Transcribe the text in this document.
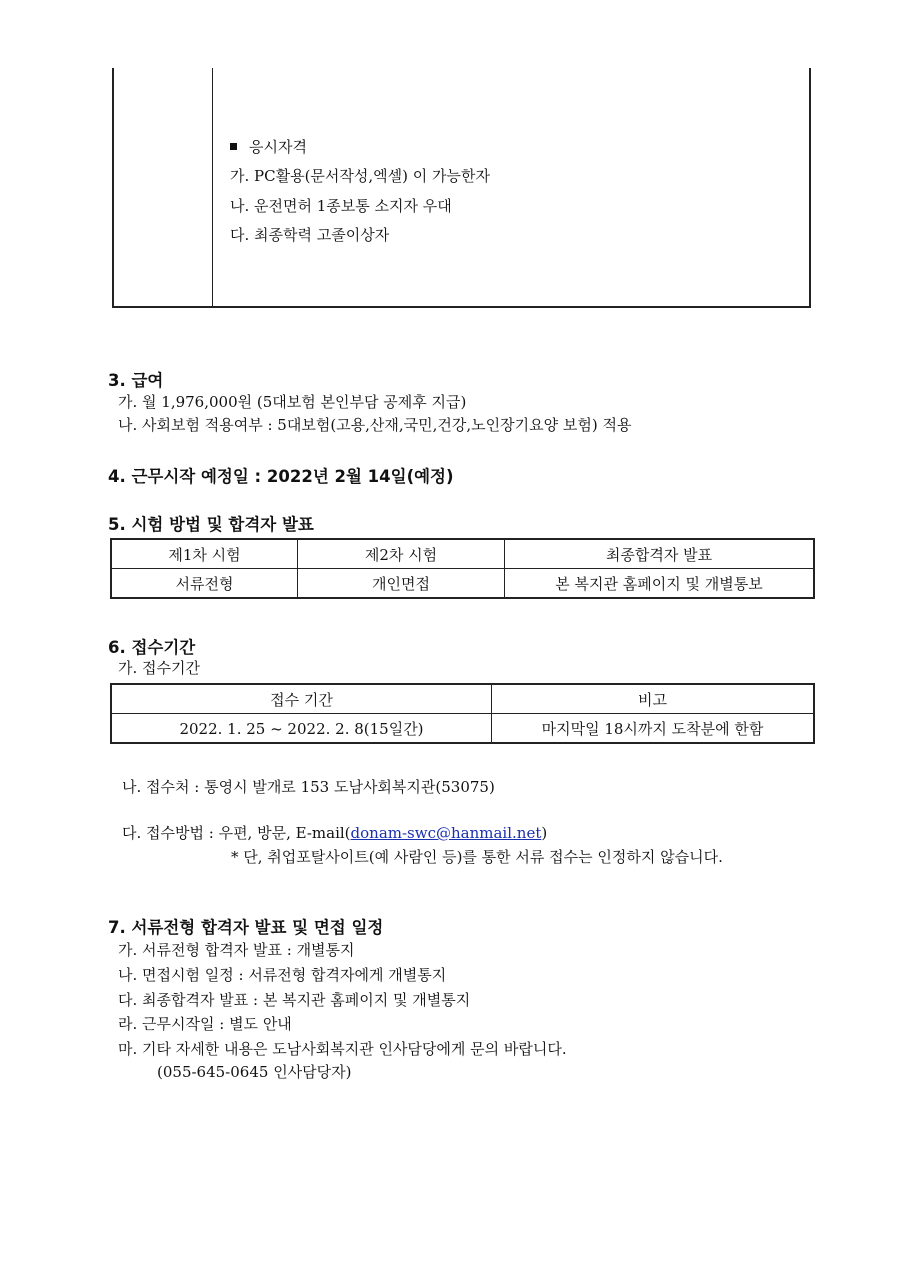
응시자격
가. PC활용(문서작성,엑셀) 이 가능한자
나. 운전면허 1종보통 소지자 우대
다. 최종학력 고졸이상자
3. 급여
가. 월 1,976,000원 (5대보험 본인부담 공제후 지급)
나. 사회보험 적용여부 : 5대보험(고용,산재,국민,건강,노인장기요양 보험) 적용
4. 근무시작 예정일 : 2022년 2월 14일(예정)
5. 시험 방법 및 합격자 발표
제1차 시험	제2차 시험	최종합격자 발표
서류전형	개인면접	본 복지관 홈페이지 및 개별통보
6. 접수기간
가. 접수기간
접수 기간	비고
2022. 1. 25 ~ 2022. 2. 8(15일간)	마지막일 18시까지 도착분에 한함
나. 접수처 : 통영시 발개로 153 도남사회복지관(53075)
다. 접수방법 : 우편, 방문, E-mail(donam-swc@hanmail.net)
* 단, 취업포탈사이트(예 사람인 등)를 통한 서류 접수는 인정하지 않습니다.
7. 서류전형 합격자 발표 및 면접 일정
가. 서류전형 합격자 발표 : 개별통지
나. 면접시험 일정 : 서류전형 합격자에게 개별통지
다. 최종합격자 발표 : 본 복지관 홈페이지 및 개별통지
라. 근무시작일 : 별도 안내
마. 기타 자세한 내용은 도남사회복지관 인사담당에게 문의 바랍니다.
(055-645-0645 인사담당자)
